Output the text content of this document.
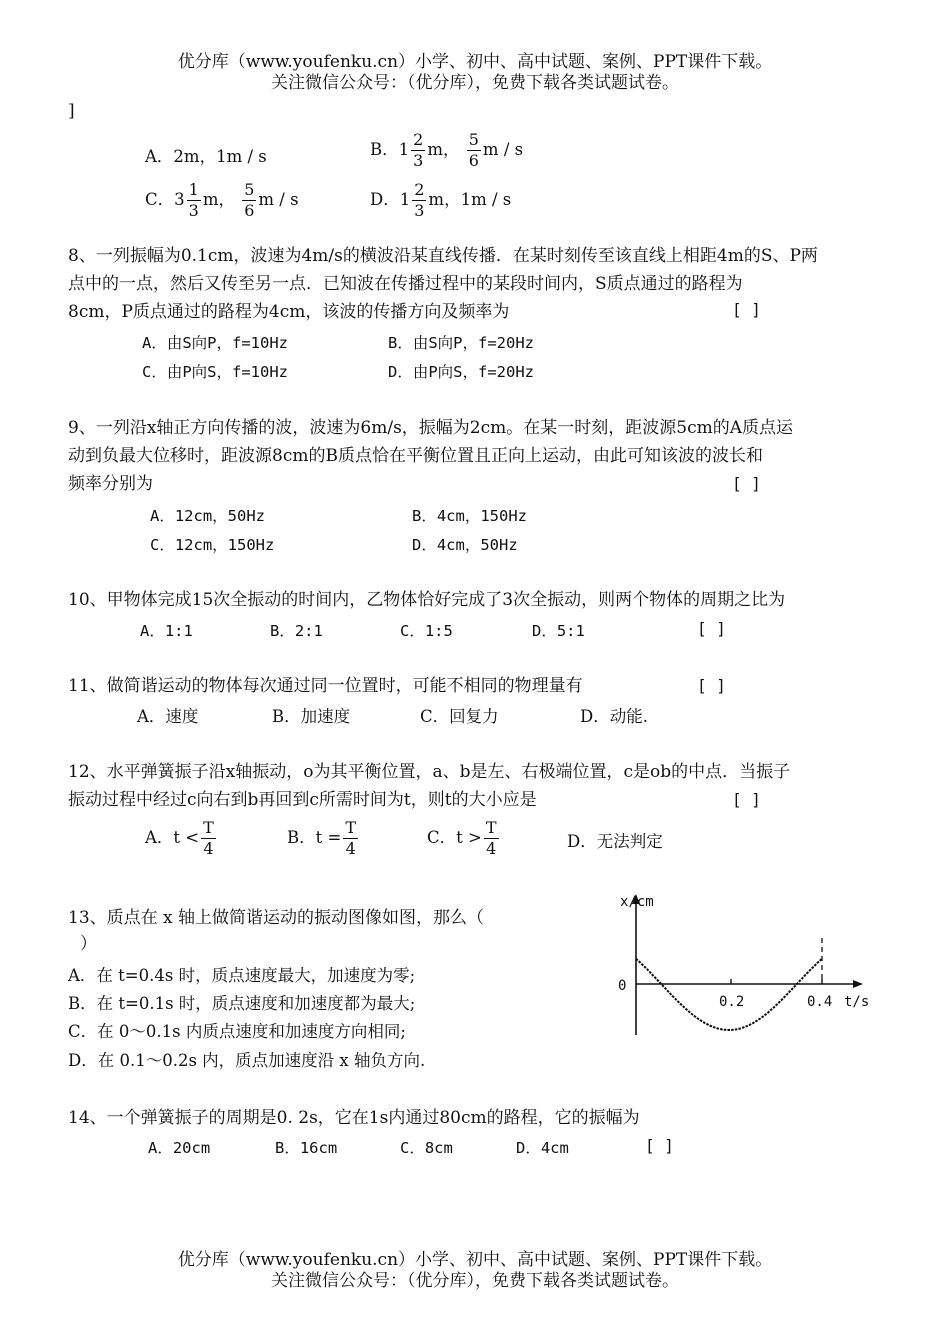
优分库（www.youfenku.cn）小学、初中、高中试题、案例、PPT课件下载。
关注微信公众号：（优分库），免费下载各类试题试卷。
]
A．2m，1m / s	B．$1 \frac{2}{3}$ m， $\frac{5}{6}$ m / s
C．$3 \frac{1}{3}$ m， $\frac{5}{6}$ m / s	D．$1 \frac{2}{3}$ m，1m / s
8、一列振幅为0.1cm，波速为4m/s的横波沿某直线传播．在某时刻传至该直线上相距4m的S、P两
点中的一点，然后又传至另一点．已知波在传播过程中的某段时间内，S质点通过的路程为
8cm，P质点通过的路程为4cm，该波的传播方向及频率为	[ ]
A．由S向P，f=10Hz	B．由S向P，f=20Hz
C．由P向S，f=10Hz	D．由P向S，f=20Hz
9、一列沿x轴正方向传播的波，波速为6m/s，振幅为2cm。在某一时刻，距波源5cm的A质点运
动到负最大位移时，距波源8cm的B质点恰在平衡位置且正向上运动，由此可知该波的波长和
频率分别为	[ ]
A．12cm，50Hz	B．4cm，150Hz
C．12cm，150Hz	D．4cm，50Hz
10、甲物体完成15次全振动的时间内，乙物体恰好完成了3次全振动，则两个物体的周期之比为
A．1:1	B．2:1	C．1:5	D．5:1	[ ]
11、做简谐运动的物体每次通过同一位置时，可能不相同的物理量有	[ ]
A．速度	B．加速度	C．回复力	D．动能.
12、水平弹簧振子沿x轴振动，o为其平衡位置，a、b是左、右极端位置，c是ob的中点．当振子
振动过程中经过c向右到b再回到c所需时间为t，则t的大小应是	[ ]
A．$t < \frac{T}{4}$	B．$t = \frac{T}{4}$	C．$t > \frac{T}{4}$	D．无法判定
13、质点在 x 轴上做简谐运动的振动图像如图，那么（
）
A．在 t=0.4s 时，质点速度最大，加速度为零;
B．在 t=0.1s 时，质点速度和加速度都为最大;
C．在 0～0.1s 内质点速度和加速度方向相同;
D．在 0.1～0.2s 内，质点加速度沿 x 轴负方向.
x/cm
0
0.2	0.4 t/s
14、一个弹簧振子的周期是0. 2s，它在1s内通过80cm的路程，它的振幅为
A．20cm	B．16cm	C．8cm	D．4cm	[ ]
优分库（www.youfenku.cn）小学、初中、高中试题、案例、PPT课件下载。
关注微信公众号：（优分库），免费下载各类试题试卷。
